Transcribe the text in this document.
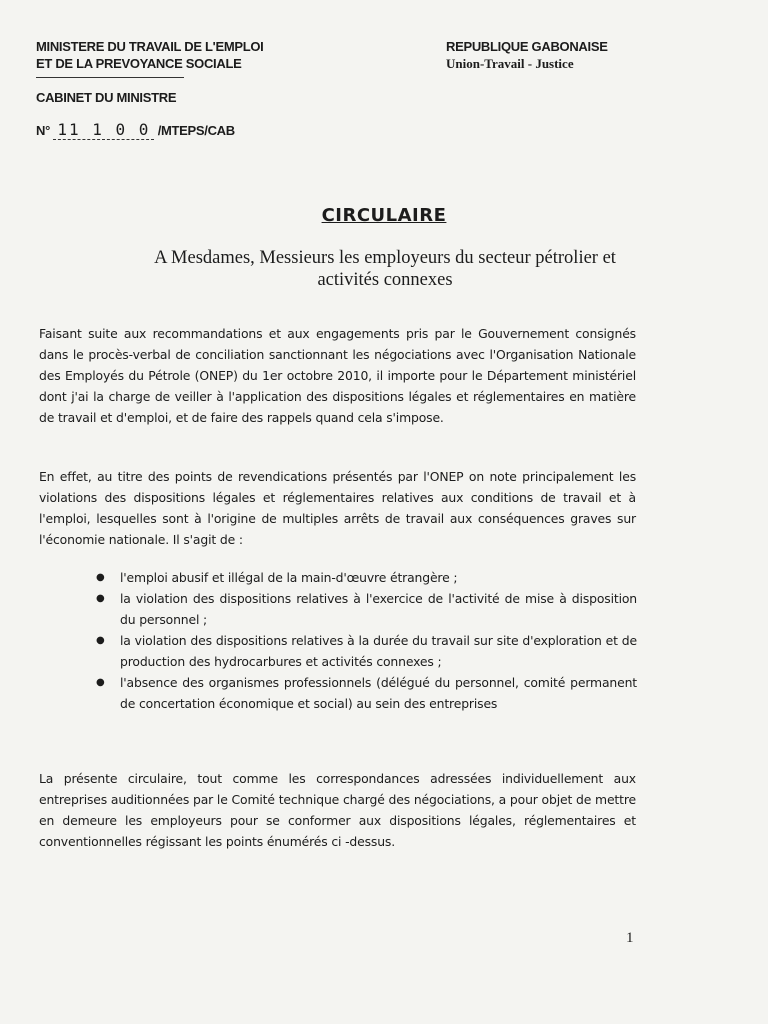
MINISTERE DU TRAVAIL DE L'EMPLOI
ET DE LA PREVOYANCE SOCIALE
CABINET DU MINISTRE
N° 11 1 0 0 /MTEPS/CAB
REPUBLIQUE GABONAISE
Union-Travail - Justice
CIRCULAIRE
A Mesdames, Messieurs les employeurs du secteur pétrolier et
activités connexes
Faisant suite aux recommandations et aux engagements pris par le Gouvernement consignés dans le procès-verbal de conciliation sanctionnant les négociations avec l'Organisation Nationale des Employés du Pétrole (ONEP) du 1er octobre 2010, il importe pour le Département ministériel dont j'ai la charge de veiller à l'application des dispositions légales et réglementaires en matière de travail et d'emploi, et de faire des rappels quand cela s'impose.
En effet, au titre des points de revendications présentés par l'ONEP on note principalement les violations des dispositions légales et réglementaires relatives aux conditions de travail et à l'emploi, lesquelles sont à l'origine de multiples arrêts de travail aux conséquences graves sur l'économie nationale. Il s'agit de :
● l'emploi abusif et illégal de la main-d'œuvre étrangère ;
● la violation des dispositions relatives à l'exercice de l'activité de mise à disposition du personnel ;
● la violation des dispositions relatives à la durée du travail sur site d'exploration et de production des hydrocarbures et activités connexes ;
● l'absence des organismes professionnels (délégué du personnel, comité permanent de concertation économique et social) au sein des entreprises
La présente circulaire, tout comme les correspondances adressées individuellement aux entreprises auditionnées par le Comité technique chargé des négociations, a pour objet de mettre en demeure les employeurs pour se conformer aux dispositions légales, réglementaires et conventionnelles régissant les points énumérés ci -dessus.
1
